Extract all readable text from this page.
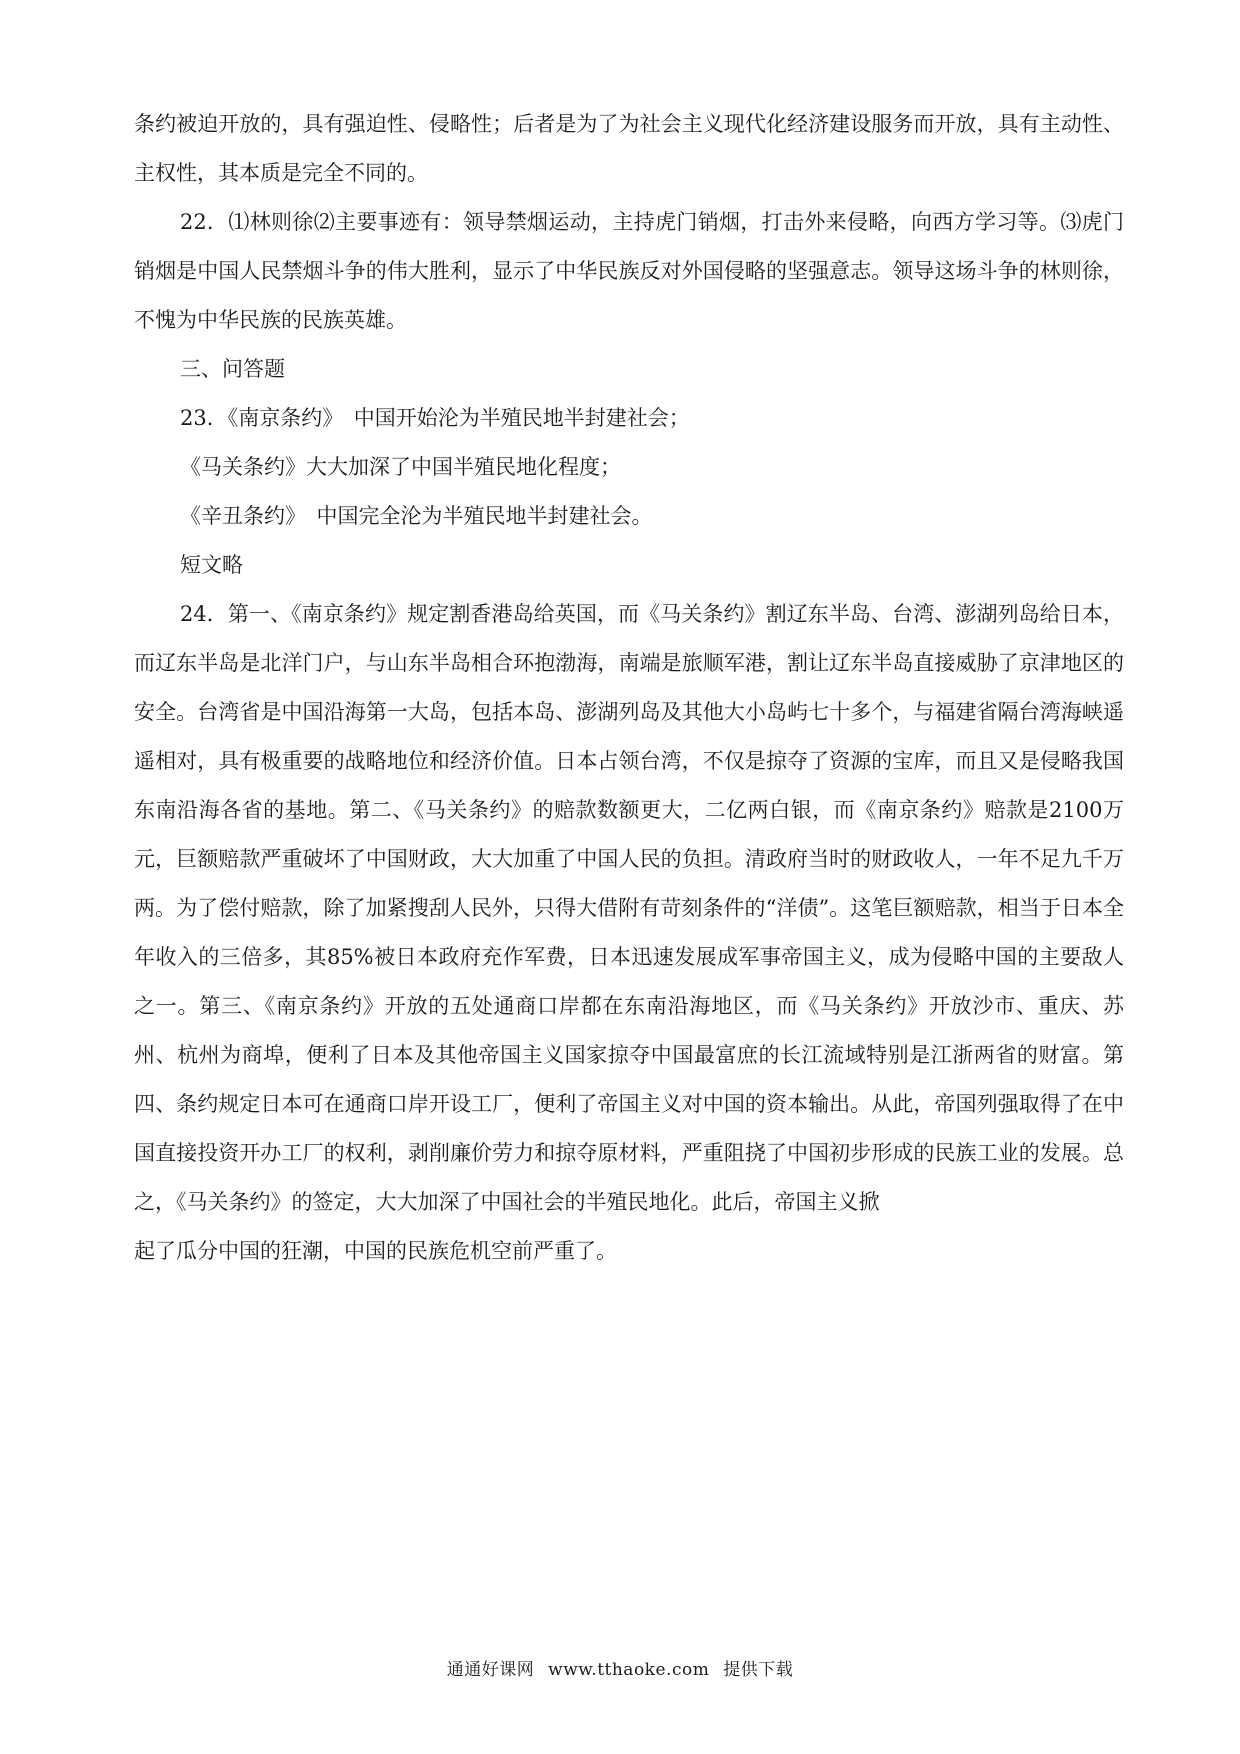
条约被迫开放的，具有强迫性、侵略性；后者是为了为社会主义现代化经济建设服务而开放，具有主动性、主权性，其本质是完全不同的。

22．⑴林则徐⑵主要事迹有：领导禁烟运动，主持虎门销烟，打击外来侵略，向西方学习等。⑶虎门销烟是中国人民禁烟斗争的伟大胜利，显示了中华民族反对外国侵略的坚强意志。领导这场斗争的林则徐，不愧为中华民族的民族英雄。

三、问答题

23．《南京条约》　中国开始沦为半殖民地半封建社会；

《马关条约》大大加深了中国半殖民地化程度；

《辛丑条约》　中国完全沦为半殖民地半封建社会。

短文略

24．第一、《南京条约》规定割香港岛给英国，而《马关条约》割辽东半岛、台湾、澎湖列岛给日本，而辽东半岛是北洋门户，与山东半岛相合环抱渤海，南端是旅顺军港，割让辽东半岛直接威胁了京津地区的安全。台湾省是中国沿海第一大岛，包括本岛、澎湖列岛及其他大小岛屿七十多个，与福建省隔台湾海峡遥遥相对，具有极重要的战略地位和经济价值。日本占领台湾，不仅是掠夺了资源的宝库，而且又是侵略我国东南沿海各省的基地。第二、《马关条约》的赔款数额更大，二亿两白银，而《南京条约》赔款是2100万元，巨额赔款严重破坏了中国财政，大大加重了中国人民的负担。清政府当时的财政收人，一年不足九千万两。为了偿付赔款，除了加紧搜刮人民外，只得大借附有苛刻条件的“洋债”。这笔巨额赔款，相当于日本全年收入的三倍多，其85%被日本政府充作军费，日本迅速发展成军事帝国主义，成为侵略中国的主要敌人之一。第三、《南京条约》开放的五处通商口岸都在东南沿海地区，而《马关条约》开放沙市、重庆、苏州、杭州为商埠，便利了日本及其他帝国主义国家掠夺中国最富庶的长江流域特别是江浙两省的财富。第四、条约规定日本可在通商口岸开设工厂，便利了帝国主义对中国的资本输出。从此，帝国列强取得了在中国直接投资开办工厂的权利，剥削廉价劳力和掠夺原材料，严重阻挠了中国初步形成的民族工业的发展。总之，《马关条约》的签定，大大加深了中国社会的半殖民地化。此后，帝国主义掀

起了瓜分中国的狂潮，中国的民族危机空前严重了。

通通好课网 www.tthaoke.com 提供下载
